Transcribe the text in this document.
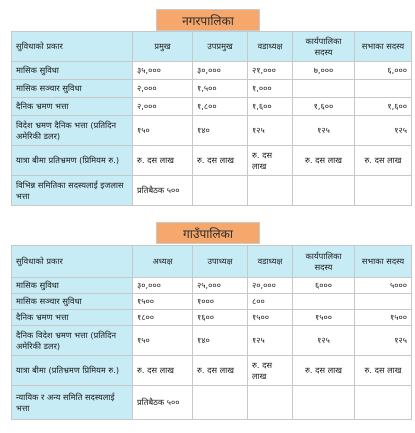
नगरपालिका
सुविधाको प्रकार	प्रमुख	उपप्रमुख	वडाध्यक्ष	कार्यपालिका सदस्य	सभाका सदस्य
मासिक सुविधा	३५,०००	३०,०००	२१,०००	७,०००	६,०००
मासिक सञ्चार सुविधा	२,०००	१,५००	१,०००		
दैनिक भ्रमण भत्ता	२,०००	१,८००	१,६००	१,६००	१,६००
विदेश भ्रमण दैनिक भत्ता (प्रतिदिन अमेरिकी डलर)	१५०	१४०	१२५	१२५	१२५
यात्रा बीमा प्रतिभ्रमण (प्रिमियम रु.)	रु. दस लाख	रु. दस लाख	रु. दस लाख	रु. दस लाख	रु. दस लाख
विभिन्न समितिका सदस्यलाई इजलास भत्ता	प्रतिबैठक ५००				
गाउँपालिका
सुविधाको प्रकार	अध्यक्ष	उपाध्यक्ष	वडाध्यक्ष	कार्यपालिका सदस्य	सभाका सदस्य
मासिक सुविधा	३०,०००	२५,०००	२०,०००	६०००	५०००
मासिक सञ्चार सुविधा	१५००	१०००	८००		
दैनिक भ्रमण भत्ता	१८००	१६००	१५००	१५००	१५००
दैनिक विदेश भ्रमण भत्ता (प्रतिदिन अमेरिकी डलर)	१५०	१४०	१२५	१२५	१२५
यात्रा बीमा (प्रतिभ्रमण प्रिमियम रु.)	रु. दस लाख	रु. दस लाख	रु. दस लाख	रु. दस लाख	रु. दस लाख
न्यायिक र अन्य समिति सदस्यलाई भत्ता	प्रतिबैठक ५००				
